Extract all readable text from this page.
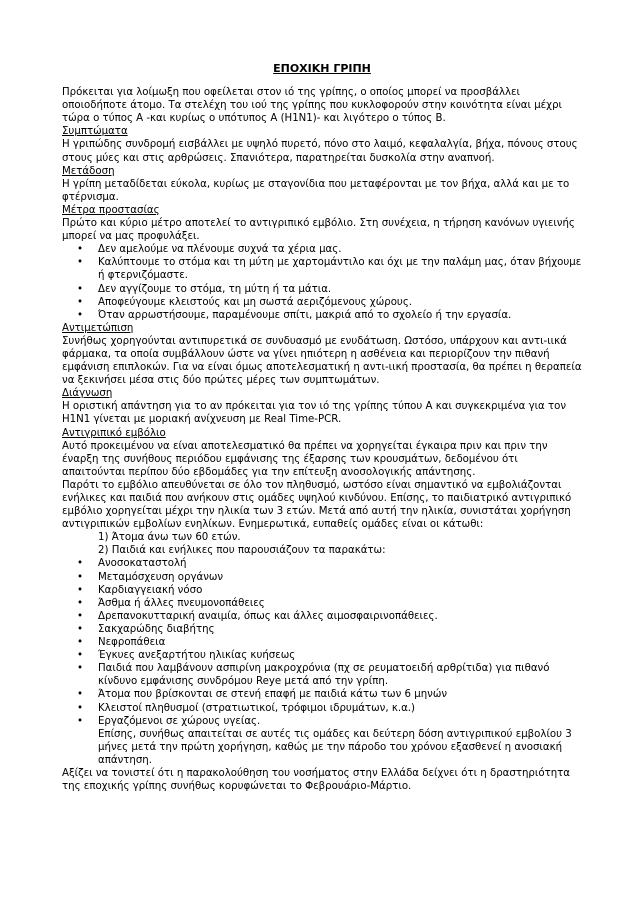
ΕΠΟΧΙΚΗ ΓΡΙΠΗ

Πρόκειται για λοίμωξη που οφείλεται στον ιό της γρίπης, ο οποίος μπορεί να προσβάλλει οποιοδήποτε άτομο. Τα στελέχη του ιού της γρίπης που κυκλοφορούν στην κοινότητα είναι μέχρι τώρα ο τύπος Α -και κυρίως ο υπότυπος Α (Η1Ν1)- και λιγότερο ο τύπος Β.

Συμπτώματα

Η γριπώδης συνδρομή εισβάλλει με υψηλό πυρετό, πόνο στο λαιμό, κεφαλαλγία, βήχα, πόνους στους στους μύες και στις αρθρώσεις. Σπανιότερα, παρατηρείται δυσκολία στην αναπνοή.

Μετάδοση

Η γρίπη μεταδίδεται εύκολα, κυρίως με σταγονίδια που μεταφέρονται με τον βήχα, αλλά και με το φτέρνισμα.

Μέτρα προστασίας

Πρώτο και κύριο μέτρο αποτελεί το αντιγριπικό εμβόλιο. Στη συνέχεια, η τήρηση κανόνων υγιεινής μπορεί να μας προφυλάξει.

• Δεν αμελούμε να πλένουμε συχνά τα χέρια μας.
• Καλύπτουμε το στόμα και τη μύτη με χαρτομάντιλο και όχι με την παλάμη μας, όταν βήχουμε ή φτερνιζόμαστε.
• Δεν αγγίζουμε το στόμα, τη μύτη ή τα μάτια.
• Αποφεύγουμε κλειστούς και μη σωστά αεριζόμενους χώρους.
• Όταν αρρωστήσουμε, παραμένουμε σπίτι, μακριά από το σχολείο ή την εργασία.
Αντιμετώπιση

Συνήθως χορηγούνται αντιπυρετικά σε συνδυασμό με ενυδάτωση. Ωστόσο, υπάρχουν και αντι-ιικά φάρμακα, τα οποία συμβάλλουν ώστε να γίνει ηπιότερη η ασθένεια και περιορίζουν την πιθανή εμφάνιση επιπλοκών. Για να είναι όμως αποτελεσματική η αντι-ιική προστασία, θα πρέπει η θεραπεία να ξεκινήσει μέσα στις δύο πρώτες μέρες των συμπτωμάτων.

Διάγνωση

Η οριστική απάντηση για το αν πρόκειται για τον ιό της γρίπης τύπου Α και συγκεκριμένα για τον Η1Ν1 γίνεται με μοριακή ανίχνευση με Real Time-PCR.

Αντιγριπικό εμβόλιο

Αυτό προκειμένου να είναι αποτελεσματικό θα πρέπει να χορηγείται έγκαιρα πριν και πριν την έναρξη της συνήθους περιόδου εμφάνισης της έξαρσης των κρουσμάτων, δεδομένου ότι απαιτούνται περίπου δύο εβδομάδες για την επίτευξη ανοσολογικής απάντησης.

Παρότι το εμβόλιο απευθύνεται σε όλο τον πληθυσμό, ωστόσο είναι σημαντικό να εμβολιάζονται ενήλικες και παιδιά που ανήκουν στις ομάδες υψηλού κινδύνου. Επίσης, το παιδιατρικό αντιγριπικό εμβόλιο χορηγείται μέχρι την ηλικία των 3 ετών. Μετά από αυτή την ηλικία, συνιστάται χορήγηση αντιγριπικών εμβολίων ενηλίκων. Ενημερωτικά, ευπαθείς ομάδες είναι οι κάτωθι:

1) Άτομα άνω των 60 ετών.
2) Παιδιά και ενήλικες που παρουσιάζουν τα παρακάτω:
• Ανοσοκαταστολή
• Μεταμόσχευση οργάνων
• Καρδιαγγειακή νόσο
• Άσθμα ή άλλες πνευμονοπάθειες
• Δρεπανοκυτταρική αναιμία, όπως και άλλες αιμοσφαιρινοπάθειες.
• Σακχαρώδης διαβήτης
• Νεφροπάθεια
• Έγκυες ανεξαρτήτου ηλικίας κυήσεως
• Παιδιά που λαμβάνουν ασπιρίνη μακροχρόνια (πχ σε ρευματοειδή αρθρίτιδα) για πιθανό κίνδυνο εμφάνισης συνδρόμου Reye μετά από την γρίπη.
• Άτομα που βρίσκονται σε στενή επαφή με παιδιά κάτω των 6 μηνών
• Κλειστοί πληθυσμοί (στρατιωτικοί, τρόφιμοι ιδρυμάτων, κ.α.)
• Εργαζόμενοι σε χώρους υγείας.

Επίσης, συνήθως απαιτείται σε αυτές τις ομάδες και δεύτερη δόση αντιγριπικού εμβολίου 3 μήνες μετά την πρώτη χορήγηση, καθώς με την πάροδο του χρόνου εξασθενεί η ανοσιακή απάντηση.

Αξίζει να τονιστεί ότι η παρακολούθηση του νοσήματος στην Ελλάδα δείχνει ότι η δραστηριότητα της εποχικής γρίπης συνήθως κορυφώνεται το Φεβρουάριο-Μάρτιο.
